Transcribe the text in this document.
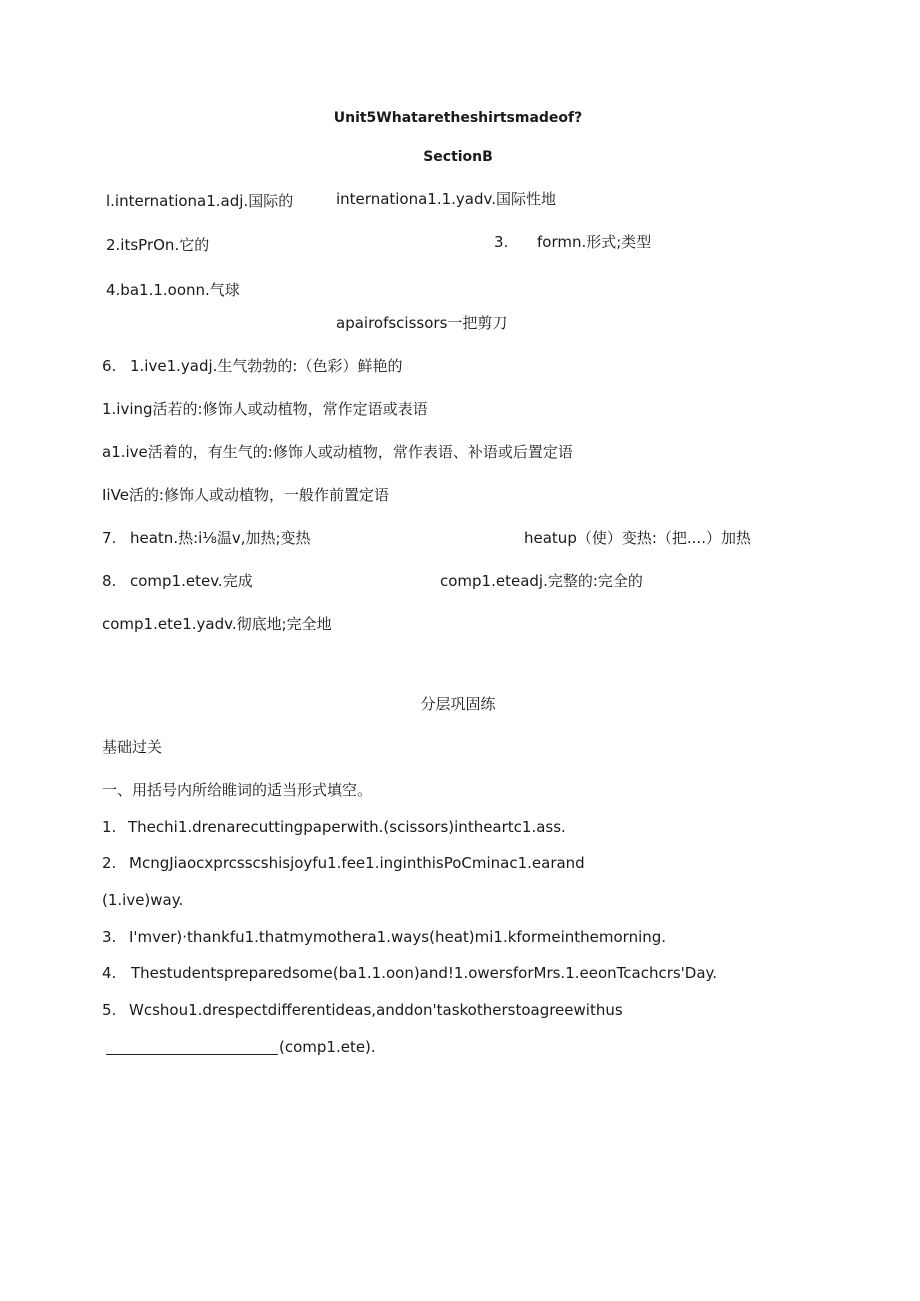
Unit5Whataretheshirtsmadeof?
SectionB
l.internationa1.adj.国际的	internationa1.1.yadv.国际性地
2.itsPrOn.它的	3. formn.形式;类型
4.ba1.1.oonn.气球
apairofscissors一把剪刀
6. 1.ive1.yadj.生气勃勃的:（色彩）鲜艳的
1.iving活若的:修饰人或动植物，常作定语或表语
a1.ive活着的，有生气的:修饰人或动植物，常作表语、补语或后置定语
IiVe活的:修饰人或动植物，一般作前置定语
7. heatn.热:i⅛温v,加热;变热	heatup（使）变热:（把....）加热
8. comp1.etev.完成	comp1.eteadj.完整的:完全的
comp1.ete1.yadv.彻底地;完全地
分层巩固练
基础过关
一、用括号内所给睢词的适当形式填空。
1. Thechi1.drenarecuttingpaperwith.(scissors)intheartc1.ass.
2. McngJiaocxprcsscshisjoyfu1.fee1.inginthisPoCminac1.earand
(1.ive)way.
3. I'mver)·thankfu1.thatmymothera1.ways(heat)mi1.kformeinthemorning.
4. Thestudentspreparedsome(ba1.1.oon)and!1.owersforMrs.1.eeonTcachcrs'Day.
5. Wcshou1.drespectdifferentideas,anddon'taskotherstoagreewithus
(comp1.ete).
